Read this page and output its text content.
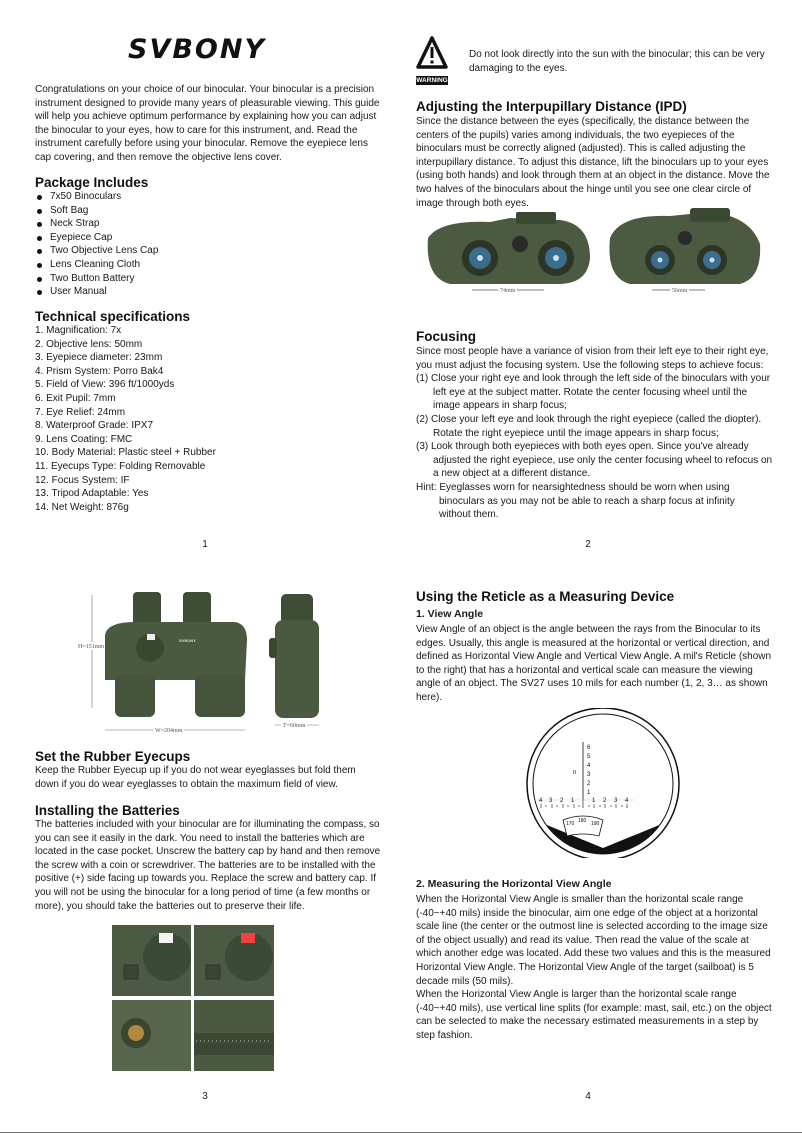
SVBONY

Congratulations on your choice of our binocular. Your binocular is a precision instrument designed to provide many years of pleasurable viewing. This guide will help you achieve optimum performance by explaining how you can adjust the binocular to your eyes, how to care for this instrument, and. Read the instrument carefully before using your binocular. Remove the eyepiece lens cap covering, and then remove the objective lens cover.

Package Includes
7x50 Binoculars
Soft Bag
Neck Strap
Eyepiece Cap
Two Objective Lens Cap
Lens Cleaning Cloth
Two Button Battery
User Manual
Technical specifications
1. Magnification: 7x
2. Objective lens: 50mm
3. Eyepiece diameter: 23mm
4. Prism System: Porro Bak4
5. Field of View: 396 ft/1000yds
6. Exit Pupil: 7mm
7. Eye Relief: 24mm
8. Waterproof Grade: IPX7
9. Lens Coating: FMC
10. Body Material: Plastic steel + Rubber
11. Eyecups Type: Folding Removable
12. Focus System: IF
13. Tripod Adaptable: Yes
14. Net Weight: 876g
1
WARNING

Do not look directly into the sun with the binocular; this can be very damaging to the eyes.

Adjusting the Interpupillary Distance (IPD)

Since the distance between the eyes (specifically, the distance between the centers of the pupils) varies among individuals, the two eyepieces of the binoculars must be correctly aligned (adjusted). This is called adjusting the interpupillary distance. To adjust this distance, lift the binoculars up to your eyes (using both hands) and look through them at an object in the distance. Move the two halves of the binoculars about the hinge until you see one clear circle of image through both eyes.

74mm	56mm
Focusing

Since most people have a variance of vision from their left eye to their right eye, you must adjust the focusing system. Use the following steps to achieve focus:

(1) Close your right eye and look through the left side of the binoculars with your left eye at the subject matter. Rotate the center focusing wheel until the image appears in sharp focus;

(2) Close your left eye and look through the right eyepiece (called the diopter). Rotate the right eyepiece until the image appears in sharp focus;

(3) Look through both eyepieces with both eyes open. Since you've already adjusted the right eyepiece, use only the center focusing wheel to refocus on a new object at a different distance.

Hint: Eyeglasses worn for nearsightedness should be worn when using binoculars as you may not be able to reach a sharp focus at infinity without them.

2
H=151mm
SVBONY
W=204mm
T=60mm
Set the Rubber Eyecups

Keep the Rubber Eyecup up if you do not wear eyeglasses but fold them down if you do wear eyeglasses to obtain the maximum field of view.

Installing the Batteries

The batteries included with your binocular are for illuminating the compass, so you can see it easily in the dark. You need to install the batteries which are located in the case pocket. Unscrew the battery cap by hand and then remove the screw with a coin or screwdriver. The batteries are to be installed with the positive (+) side facing up towards you. Replace the screw and battery cap. If you will not be using the binocular for a long period of time (a few months or more), you should take the batteries out to preserve their life.

3
Using the Reticle as a Measuring Device
1. View Angle

View Angle of an object is the angle between the rays from the Binocular to its edges. Usually, this angle is measured at the horizontal or vertical direction, and defined as Horizontal View Angle and Vertical View Angle. A mil's Reticle (shown to the right) that has a horizontal and vertical scale can measure the viewing angle of an object. The SV27 uses 10 mils for each number (1, 2, 3… as shown here).

1
2
3
4
5
6
n
4 3 2 1	1 2 3 4
170 180 190
2. Measuring the Horizontal View Angle

When the Horizontal View Angle is smaller than the horizontal scale range (-40~+40 mils) inside the binocular, aim one edge of the object at a horizontal scale line (the center or the outmost line is selected according to the image size of the object usually) and read its value. Then read the value of the scale at which another edge was located. Add these two values and this is the measured Horizontal View Angle. The Horizontal View Angle of the target (sailboat) is 5 decade mils (50 mils).

When the Horizontal View Angle is larger than the horizontal scale range (-40~+40 mils), use vertical line splits (for example: mast, sail, etc.) on the object can be selected to make the necessary estimated measurements in a step by step fashion.

4
